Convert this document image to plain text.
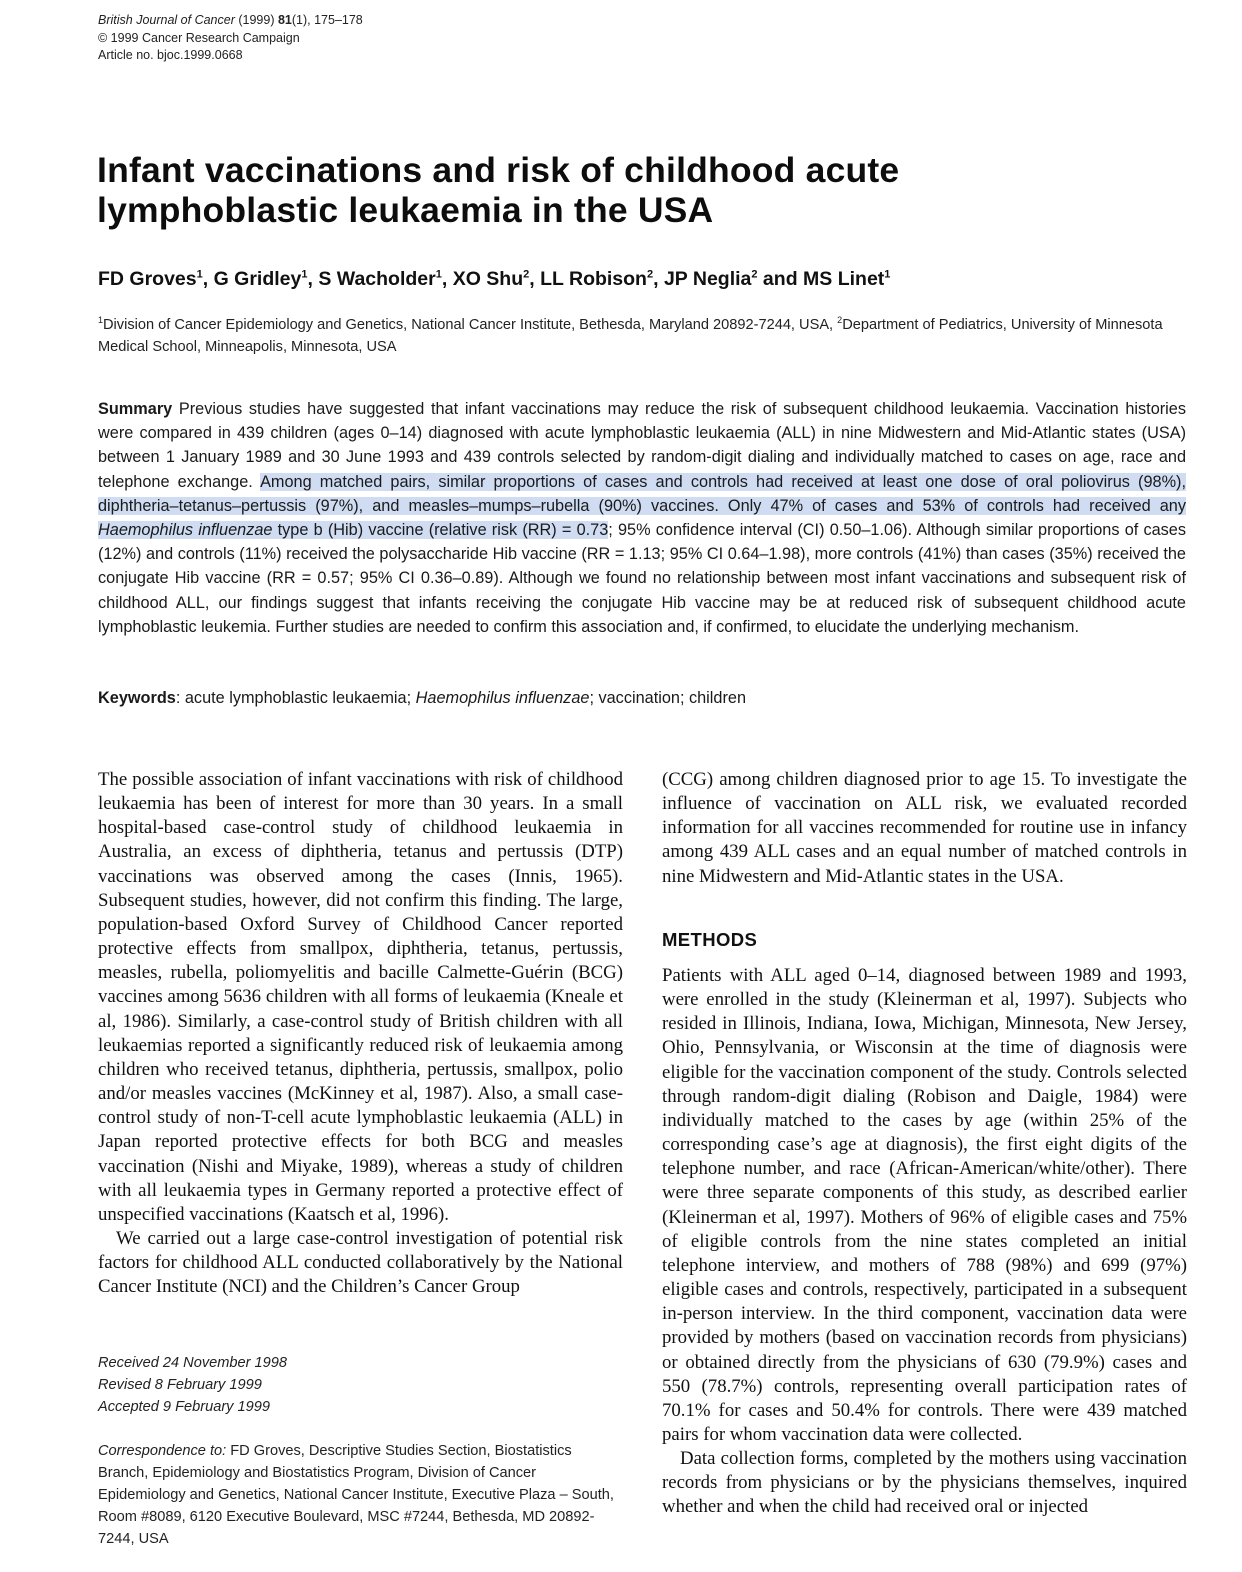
British Journal of Cancer (1999) 81(1), 175–178
© 1999 Cancer Research Campaign
Article no. bjoc.1999.0668
Infant vaccinations and risk of childhood acute
lymphoblastic leukaemia in the USA
FD Groves$^1$, G Gridley$^1$, S Wacholder$^1$, XO Shu$^2$, LL Robison$^2$, JP Neglia$^2$ and MS Linet$^1$
$^1$Division of Cancer Epidemiology and Genetics, National Cancer Institute, Bethesda, Maryland 20892-7244, USA, $^2$Department of Pediatrics, University of Minnesota Medical School, Minneapolis, Minnesota, USA

Summary Previous studies have suggested that infant vaccinations may reduce the risk of subsequent childhood leukaemia. Vaccination histories were compared in 439 children (ages 0–14) diagnosed with acute lymphoblastic leukaemia (ALL) in nine Midwestern and Mid-Atlantic states (USA) between 1 January 1989 and 30 June 1993 and 439 controls selected by random-digit dialing and individually matched to cases on age, race and telephone exchange. Among matched pairs, similar proportions of cases and controls had received at least one dose of oral poliovirus (98%), diphtheria–tetanus–pertussis (97%), and measles–mumps–rubella (90%) vaccines. Only 47% of cases and 53% of controls had received any Haemophilus influenzae type b (Hib) vaccine (relative risk (RR) = 0.73; 95% confidence interval (CI) 0.50–1.06). Although similar proportions of cases (12%) and controls (11%) received the polysaccharide Hib vaccine (RR = 1.13; 95% CI 0.64–1.98), more controls (41%) than cases (35%) received the conjugate Hib vaccine (RR = 0.57; 95% CI 0.36–0.89). Although we found no relationship between most infant vaccinations and subsequent risk of childhood ALL, our findings suggest that infants receiving the conjugate Hib vaccine may be at reduced risk of subsequent childhood acute lymphoblastic leukemia. Further studies are needed to confirm this association and, if confirmed, to elucidate the underlying mechanism.

Keywords: acute lymphoblastic leukaemia; Haemophilus influenzae; vaccination; children

The possible association of infant vaccinations with risk of childhood leukaemia has been of interest for more than 30 years. In a small hospital-based case-control study of childhood leukaemia in Australia, an excess of diphtheria, tetanus and pertussis (DTP) vaccinations was observed among the cases (Innis, 1965). Subsequent studies, however, did not confirm this finding. The large, population-based Oxford Survey of Childhood Cancer reported protective effects from smallpox, diphtheria, tetanus, pertussis, measles, rubella, poliomyelitis and bacille Calmette-Guérin (BCG) vaccines among 5636 children with all forms of leukaemia (Kneale et al, 1986). Similarly, a case-control study of British children with all leukaemias reported a significantly reduced risk of leukaemia among children who received tetanus, diphtheria, pertussis, smallpox, polio and/or measles vaccines (McKinney et al, 1987). Also, a small case-control study of non-T-cell acute lymphoblastic leukaemia (ALL) in Japan reported protective effects for both BCG and measles vaccination (Nishi and Miyake, 1989), whereas a study of children with all leukaemia types in Germany reported a protective effect of unspecified vaccinations (Kaatsch et al, 1996).

We carried out a large case-control investigation of potential risk factors for childhood ALL conducted collaboratively by the National Cancer Institute (NCI) and the Children’s Cancer Group

(CCG) among children diagnosed prior to age 15. To investigate the influence of vaccination on ALL risk, we evaluated recorded information for all vaccines recommended for routine use in infancy among 439 ALL cases and an equal number of matched controls in nine Midwestern and Mid-Atlantic states in the USA.

METHODS

Patients with ALL aged 0–14, diagnosed between 1989 and 1993, were enrolled in the study (Kleinerman et al, 1997). Subjects who resided in Illinois, Indiana, Iowa, Michigan, Minnesota, New Jersey, Ohio, Pennsylvania, or Wisconsin at the time of diagnosis were eligible for the vaccination component of the study. Controls selected through random-digit dialing (Robison and Daigle, 1984) were individually matched to the cases by age (within 25% of the corresponding case’s age at diagnosis), the first eight digits of the telephone number, and race (African-American/white/other). There were three separate components of this study, as described earlier (Kleinerman et al, 1997). Mothers of 96% of eligible cases and 75% of eligible controls from the nine states completed an initial telephone interview, and mothers of 788 (98%) and 699 (97%) eligible cases and controls, respectively, participated in a subsequent in-person interview. In the third component, vaccination data were provided by mothers (based on vaccination records from physicians) or obtained directly from the physicians of 630 (79.9%) cases and 550 (78.7%) controls, representing overall participation rates of 70.1% for cases and 50.4% for controls. There were 439 matched pairs for whom vaccination data were collected.

Data collection forms, completed by the mothers using vaccination records from physicians or by the physicians themselves, inquired whether and when the child had received oral or injected

Received 24 November 1998
Revised 8 February 1999
Accepted 9 February 1999
Correspondence to: FD Groves, Descriptive Studies Section, Biostatistics Branch, Epidemiology and Biostatistics Program, Division of Cancer Epidemiology and Genetics, National Cancer Institute, Executive Plaza – South, Room #8089, 6120 Executive Boulevard, MSC #7244, Bethesda, MD 20892-7244, USA
